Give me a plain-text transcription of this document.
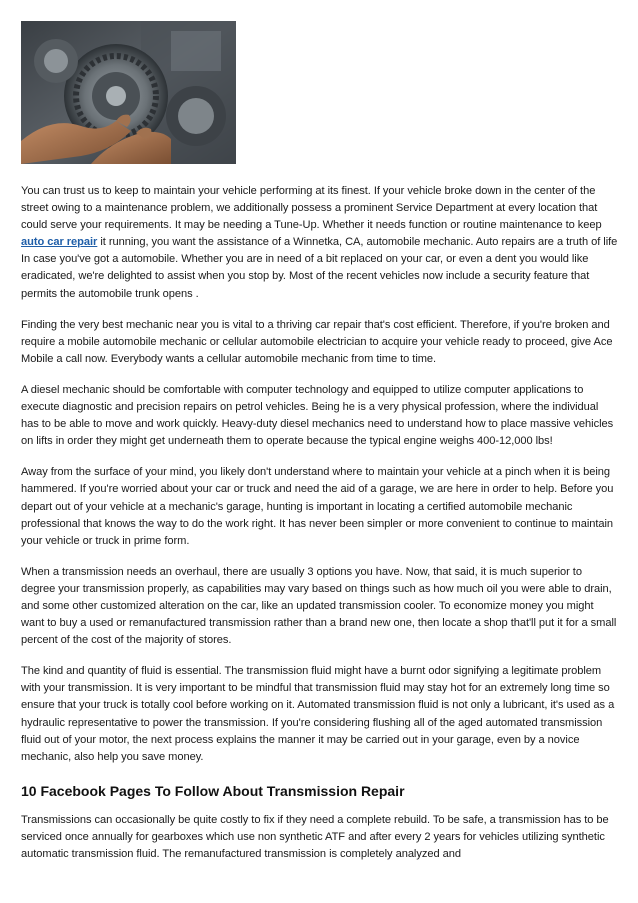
You can trust us to keep to maintain your vehicle performing at its finest. If your vehicle broke down in the center of the street owing to a maintenance problem, we additionally possess a prominent Service Department at every location that could serve your requirements. It may be needing a Tune-Up. Whether it needs function or routine maintenance to keep auto car repair it running, you want the assistance of a Winnetka, CA, automobile mechanic. Auto repairs are a truth of life In case you've got a automobile. Whether you are in need of a bit replaced on your car, or even a dent you would like eradicated, we're delighted to assist when you stop by. Most of the recent vehicles now include a security feature that permits the automobile trunk opens .

Finding the very best mechanic near you is vital to a thriving car repair that's cost efficient. Therefore, if you're broken and require a mobile automobile mechanic or cellular automobile electrician to acquire your vehicle ready to proceed, give Ace Mobile a call now. Everybody wants a cellular automobile mechanic from time to time.

A diesel mechanic should be comfortable with computer technology and equipped to utilize computer applications to execute diagnostic and precision repairs on petrol vehicles. Being he is a very physical profession, where the individual has to be able to move and work quickly. Heavy-duty diesel mechanics need to understand how to place massive vehicles on lifts in order they might get underneath them to operate because the typical engine weighs 400-12,000 lbs!

Away from the surface of your mind, you likely don't understand where to maintain your vehicle at a pinch when it is being hammered. If you're worried about your car or truck and need the aid of a garage, we are here in order to help. Before you depart out of your vehicle at a mechanic's garage, hunting is important in locating a certified automobile mechanic professional that knows the way to do the work right. It has never been simpler or more convenient to continue to maintain your vehicle or truck in prime form.

When a transmission needs an overhaul, there are usually 3 options you have. Now, that said, it is much superior to degree your transmission properly, as capabilities may vary based on things such as how much oil you were able to drain, and some other customized alteration on the car, like an updated transmission cooler. To economize money you might want to buy a used or remanufactured transmission rather than a brand new one, then locate a shop that'll put it for a small percent of the cost of the majority of stores.

The kind and quantity of fluid is essential. The transmission fluid might have a burnt odor signifying a legitimate problem with your transmission. It is very important to be mindful that transmission fluid may stay hot for an extremely long time so ensure that your truck is totally cool before working on it. Automated transmission fluid is not only a lubricant, it's used as a hydraulic representative to power the transmission. If you're considering flushing all of the aged automated transmission fluid out of your motor, the next process explains the manner it may be carried out in your garage, even by a novice mechanic, also help you save money.

10 Facebook Pages To Follow About Transmission Repair

Transmissions can occasionally be quite costly to fix if they need a complete rebuild. To be safe, a transmission has to be serviced once annually for gearboxes which use non synthetic ATF and after every 2 years for vehicles utilizing synthetic automatic transmission fluid. The remanufactured transmission is completely analyzed and
